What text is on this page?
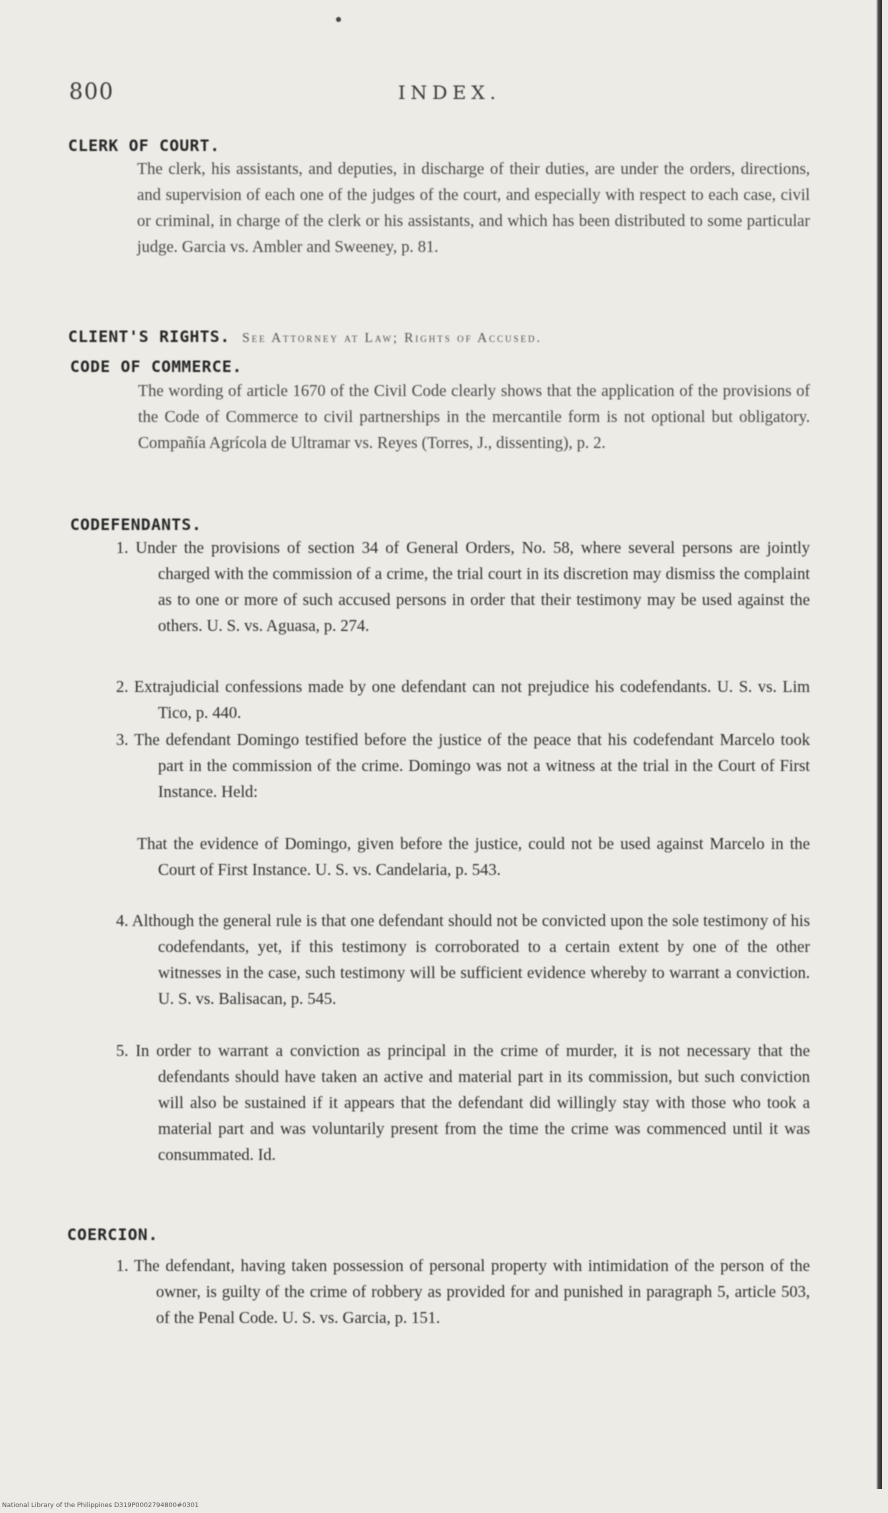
800	INDEX.
CLERK OF COURT.
The clerk, his assistants, and deputies, in discharge of their duties, are under the orders, directions, and supervision of each one of the judges of the court, and especially with respect to each case, civil or criminal, in charge of the clerk or his assistants, and which has been distributed to some particular judge. Garcia vs. Ambler and Sweeney, p. 81.
CLIENT'S RIGHTS. See Attorney at Law; Rights of Accused.
CODE OF COMMERCE.
The wording of article 1670 of the Civil Code clearly shows that the application of the provisions of the Code of Commerce to civil partnerships in the mercantile form is not optional but obligatory. Compañía Agrícola de Ultramar vs. Reyes (Torres, J., dissenting), p. 2.
CODEFENDANTS.
1. Under the provisions of section 34 of General Orders, No. 58, where several persons are jointly charged with the commission of a crime, the trial court in its discretion may dismiss the complaint as to one or more of such accused persons in order that their testimony may be used against the others. U. S. vs. Aguasa, p. 274.
2. Extrajudicial confessions made by one defendant can not prejudice his codefendants. U. S. vs. Lim Tico, p. 440.
3. The defendant Domingo testified before the justice of the peace that his codefendant Marcelo took part in the commission of the crime. Domingo was not a witness at the trial in the Court of First Instance. Held:
That the evidence of Domingo, given before the justice, could not be used against Marcelo in the Court of First Instance. U. S. vs. Candelaria, p. 543.
4. Although the general rule is that one defendant should not be convicted upon the sole testimony of his codefendants, yet, if this testimony is corroborated to a certain extent by one of the other witnesses in the case, such testimony will be sufficient evidence whereby to warrant a conviction. U. S. vs. Balisacan, p. 545.
5. In order to warrant a conviction as principal in the crime of murder, it is not necessary that the defendants should have taken an active and material part in its commission, but such conviction will also be sustained if it appears that the defendant did willingly stay with those who took a material part and was voluntarily present from the time the crime was commenced until it was consummated. Id.
COERCION.
1. The defendant, having taken possession of personal property with intimidation of the person of the owner, is guilty of the crime of robbery as provided for and punished in paragraph 5, article 503, of the Penal Code. U. S. vs. Garcia, p. 151.
National Library of the Philippines D319P0002794800#0301
